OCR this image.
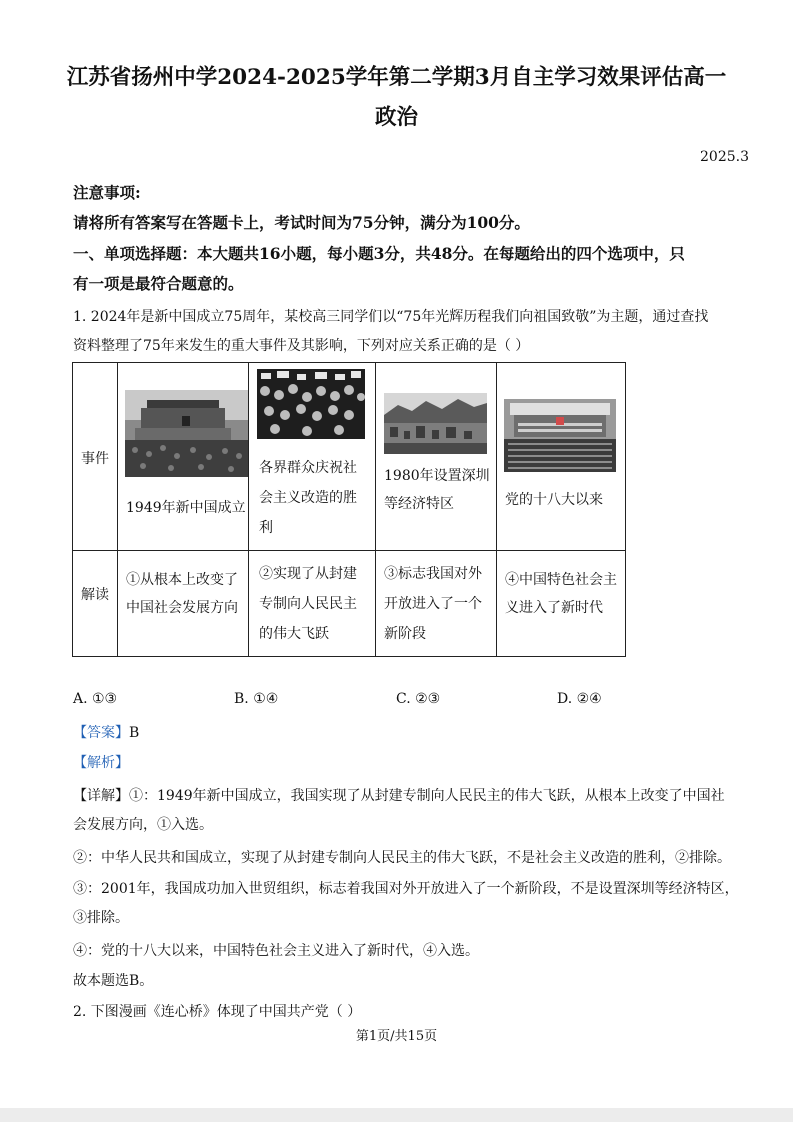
江苏省扬州中学2024-2025学年第二学期3月自主学习效果评估高一
政治
2025.3
注意事项:
请将所有答案写在答题卡上，考试时间为75分钟，满分为100分。
一、单项选择题：本大题共16小题，每小题3分，共48分。在每题给出的四个选项中，只
有一项是最符合题意的。
1. 2024年是新中国成立75周年，某校高三同学们以“75年光辉历程我们向祖国致敬”为主题，通过查找
资料整理了75年来发生的重大事件及其影响，下列对应关系正确的是（ ）
事件	1949年新中国成立	各界群众庆祝社
会主义改造的胜
利	1980年设置深圳
等经济特区	党的十八大以来

解读	①从根本上改变了
中国社会发展方向	②实现了从封建
专制向人民民主
的伟大飞跃	③标志我国对外
开放进入了一个
新阶段	④中国特色社会主
义进入了新时代
A. ①③	B. ①④	C. ②③	D. ②④
【答案】B
【解析】
【详解】①：1949年新中国成立，我国实现了从封建专制向人民民主的伟大飞跃，从根本上改变了中国社
会发展方向，①入选。
②：中华人民共和国成立，实现了从封建专制向人民民主的伟大飞跃，不是社会主义改造的胜利，②排除。
③：2001年，我国成功加入世贸组织，标志着我国对外开放进入了一个新阶段，不是设置深圳等经济特区，
③排除。
④：党的十八大以来，中国特色社会主义进入了新时代，④入选。
故本题选B。
2. 下图漫画《连心桥》体现了中国共产党（ ）
第1页/共15页
